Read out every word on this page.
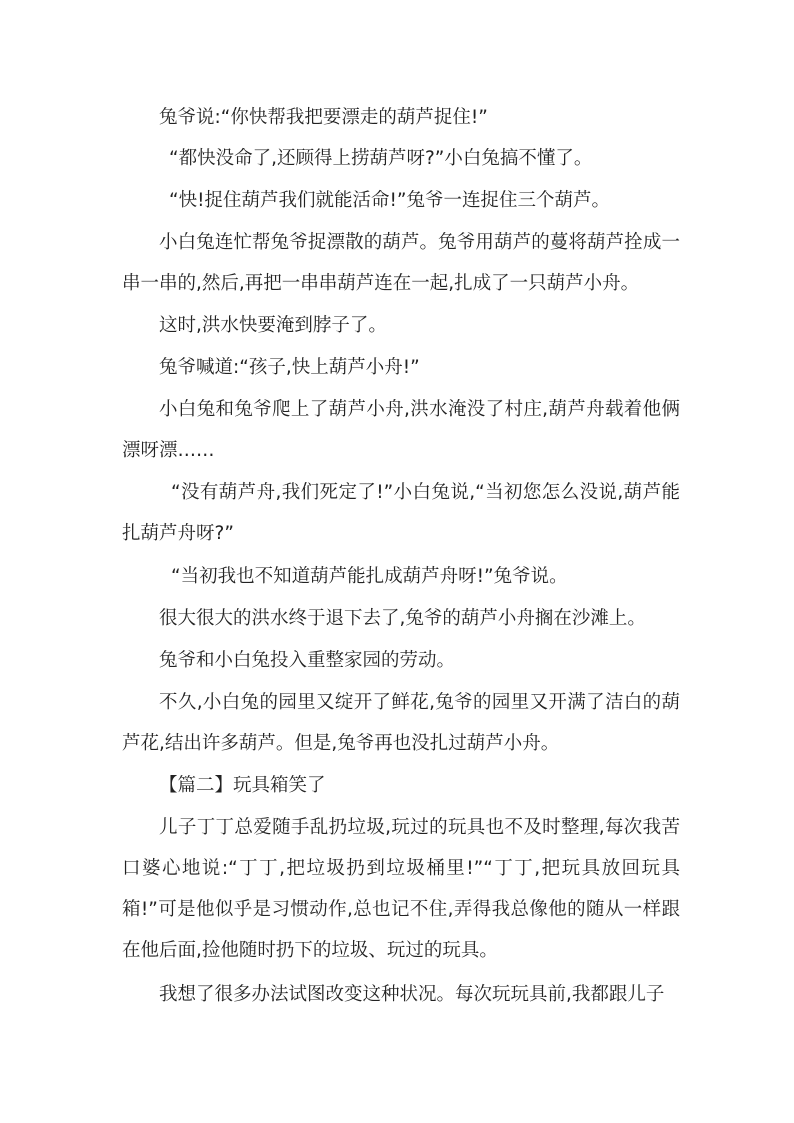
兔爷说:“你快帮我把要漂走的葫芦捉住!”

“都快没命了,还顾得上捞葫芦呀?”小白兔搞不懂了。

“快!捉住葫芦我们就能活命!”兔爷一连捉住三个葫芦。

小白兔连忙帮兔爷捉漂散的葫芦。兔爷用葫芦的蔓将葫芦拴成一串一串的,然后,再把一串串葫芦连在一起,扎成了一只葫芦小舟。

这时,洪水快要淹到脖子了。

兔爷喊道:“孩子,快上葫芦小舟!”

小白兔和兔爷爬上了葫芦小舟,洪水淹没了村庄,葫芦舟载着他俩漂呀漂……

“没有葫芦舟,我们死定了!”小白兔说,“当初您怎么没说,葫芦能扎葫芦舟呀?”

“当初我也不知道葫芦能扎成葫芦舟呀!”兔爷说。

很大很大的洪水终于退下去了,兔爷的葫芦小舟搁在沙滩上。

兔爷和小白兔投入重整家园的劳动。

不久,小白兔的园里又绽开了鲜花,兔爷的园里又开满了洁白的葫芦花,结出许多葫芦。但是,兔爷再也没扎过葫芦小舟。

【篇二】玩具箱笑了

儿子丁丁总爱随手乱扔垃圾,玩过的玩具也不及时整理,每次我苦口婆心地说:“丁丁,把垃圾扔到垃圾桶里!”“丁丁,把玩具放回玩具箱!”可是他似乎是习惯动作,总也记不住,弄得我总像他的随从一样跟在他后面,捡他随时扔下的垃圾、玩过的玩具。

我想了很多办法试图改变这种状况。每次玩玩具前,我都跟儿子
